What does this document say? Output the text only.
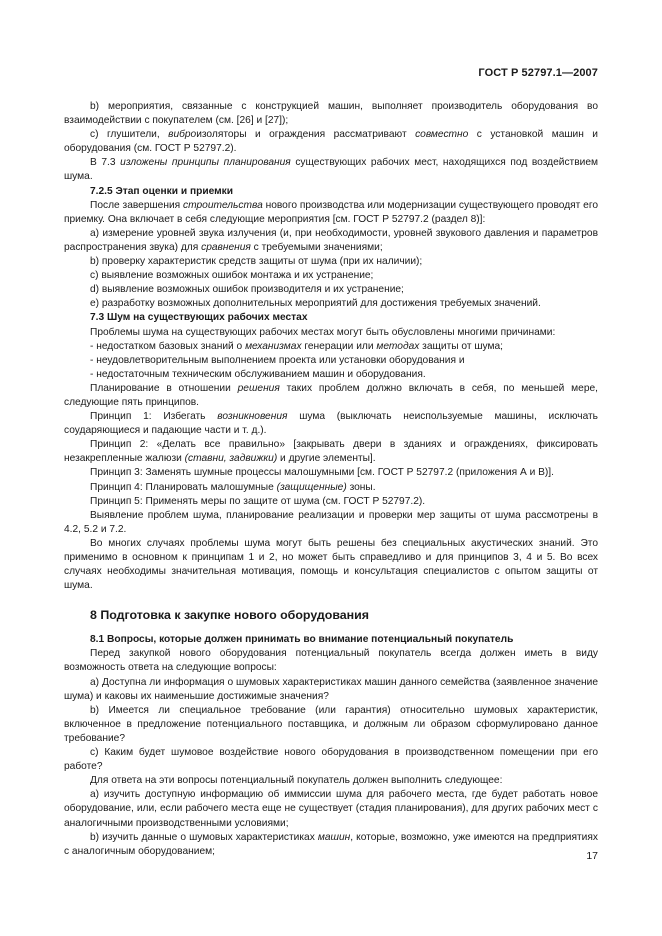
ГОСТ Р 52797.1—2007

b) мероприятия, связанные с конструкцией машин, выполняет производитель оборудования во взаимодействии с покупателем (см. [26] и [27]);

c) глушители, виброизоляторы и ограждения рассматривают совместно с установкой машин и оборудования (см. ГОСТ Р 52797.2).

В 7.3 изложены принципы планирования существующих рабочих мест, находящихся под воздействием шума.

7.2.5 Этап оценки и приемки

После завершения строительства нового производства или модернизации существующего проводят его приемку. Она включает в себя следующие мероприятия [см. ГОСТ Р 52797.2 (раздел 8)]:

a) измерение уровней звука излучения (и, при необходимости, уровней звукового давления и параметров распространения звука) для сравнения с требуемыми значениями;

b) проверку характеристик средств защиты от шума (при их наличии);

c) выявление возможных ошибок монтажа и их устранение;

d) выявление возможных ошибок производителя и их устранение;

e) разработку возможных дополнительных мероприятий для достижения требуемых значений.

7.3 Шум на существующих рабочих местах

Проблемы шума на существующих рабочих местах могут быть обусловлены многими причинами:

- недостатком базовых знаний о механизмах генерации или методах защиты от шума;

- неудовлетворительным выполнением проекта или установки оборудования и

- недостаточным техническим обслуживанием машин и оборудования.

Планирование в отношении решения таких проблем должно включать в себя, по меньшей мере, следующие пять принципов.

Принцип 1: Избегать возникновения шума (выключать неиспользуемые машины, исключать соударяющиеся и падающие части и т. д.).

Принцип 2: «Делать все правильно» [закрывать двери в зданиях и ограждениях, фиксировать незакрепленные жалюзи (ставни, задвижки) и другие элементы].

Принцип 3: Заменять шумные процессы малошумными [см. ГОСТ Р 52797.2 (приложения А и В)].

Принцип 4: Планировать малошумные (защищенные) зоны.

Принцип 5: Применять меры по защите от шума (см. ГОСТ Р 52797.2).

Выявление проблем шума, планирование реализации и проверки мер защиты от шума рассмотрены в 4.2, 5.2 и 7.2.

Во многих случаях проблемы шума могут быть решены без специальных акустических знаний. Это применимо в основном к принципам 1 и 2, но может быть справедливо и для принципов 3, 4 и 5. Во всех случаях необходимы значительная мотивация, помощь и консультация специалистов с опытом защиты от шума.

8 Подготовка к закупке нового оборудования

8.1 Вопросы, которые должен принимать во внимание потенциальный покупатель

Перед закупкой нового оборудования потенциальный покупатель всегда должен иметь в виду возможность ответа на следующие вопросы:

а) Доступна ли информация о шумовых характеристиках машин данного семейства (заявленное значение шума) и каковы их наименьшие достижимые значения?

b) Имеется ли специальное требование (или гарантия) относительно шумовых характеристик, включенное в предложение потенциального поставщика, и должным ли образом сформулировано данное требование?

c) Каким будет шумовое воздействие нового оборудования в производственном помещении при его работе?

Для ответа на эти вопросы потенциальный покупатель должен выполнить следующее:

а) изучить доступную информацию об иммиссии шума для рабочего места, где будет работать новое оборудование, или, если рабочего места еще не существует (стадия планирования), для других рабочих мест с аналогичными производственными условиями;

b) изучить данные о шумовых характеристиках машин, которые, возможно, уже имеются на предприятиях с аналогичным оборудованием;	17
